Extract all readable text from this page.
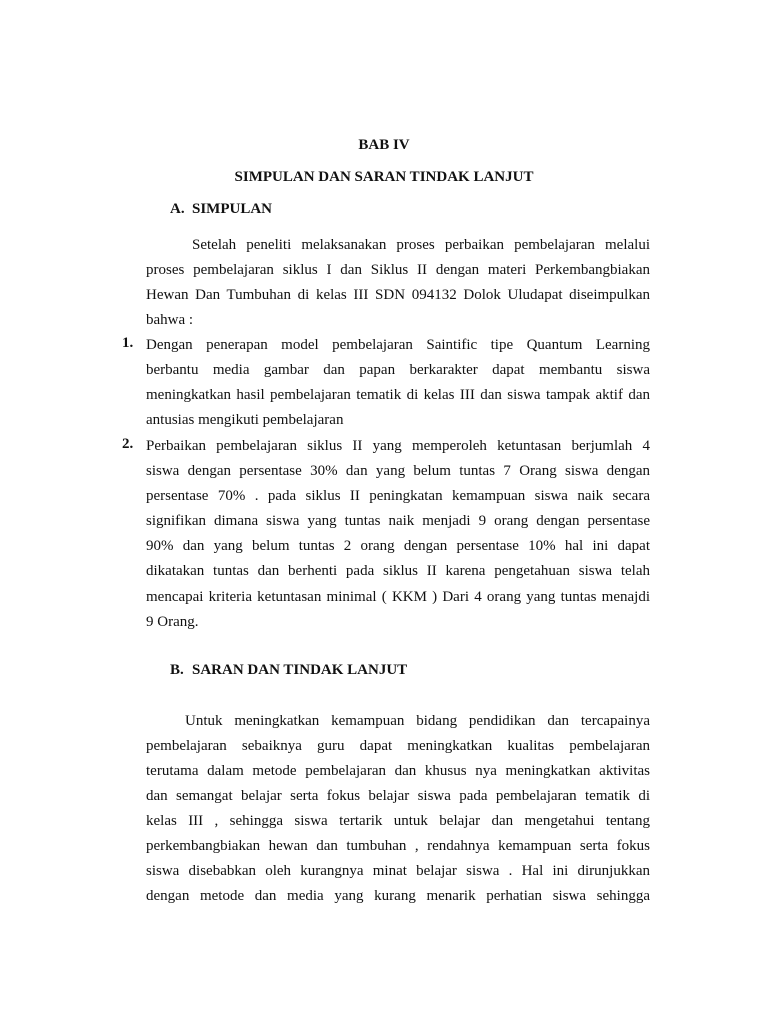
BAB IV
SIMPULAN DAN SARAN TINDAK LANJUT
A. SIMPULAN
Setelah peneliti melaksanakan proses perbaikan pembelajaran melalui
proses pembelajaran siklus I dan Siklus II dengan materi Perkembangbiakan
Hewan Dan Tumbuhan di kelas III SDN 094132 Dolok Uludapat diseimpulkan
bahwa :
1. Dengan penerapan model pembelajaran Saintific tipe Quantum Learning
berbantu media gambar dan papan berkarakter dapat membantu siswa
meningkatkan hasil pembelajaran tematik di kelas III dan siswa tampak aktif dan
antusias mengikuti pembelajaran
2. Perbaikan pembelajaran siklus II yang memperoleh ketuntasan berjumlah 4
siswa dengan persentase 30% dan yang belum tuntas 7 Orang siswa dengan
persentase 70% . pada siklus II peningkatan kemampuan siswa naik secara
signifikan dimana siswa yang tuntas naik menjadi 9 orang dengan persentase
90% dan yang belum tuntas 2 orang dengan persentase 10% hal ini dapat
dikatakan tuntas dan berhenti pada siklus II karena pengetahuan siswa telah
mencapai kriteria ketuntasan minimal ( KKM ) Dari 4 orang yang tuntas menajdi
9 Orang.
B. SARAN DAN TINDAK LANJUT
Untuk meningkatkan kemampuan bidang pendidikan dan tercapainya
pembelajaran sebaiknya guru dapat meningkatkan kualitas pembelajaran
terutama dalam metode pembelajaran dan khusus nya meningkatkan aktivitas
dan semangat belajar serta fokus belajar siswa pada pembelajaran tematik di
kelas III , sehingga siswa tertarik untuk belajar dan mengetahui tentang
perkembangbiakan hewan dan tumbuhan , rendahnya kemampuan serta fokus
siswa disebabkan oleh kurangnya minat belajar siswa . Hal ini dirunjukkan
dengan metode dan media yang kurang menarik perhatian siswa sehingga
